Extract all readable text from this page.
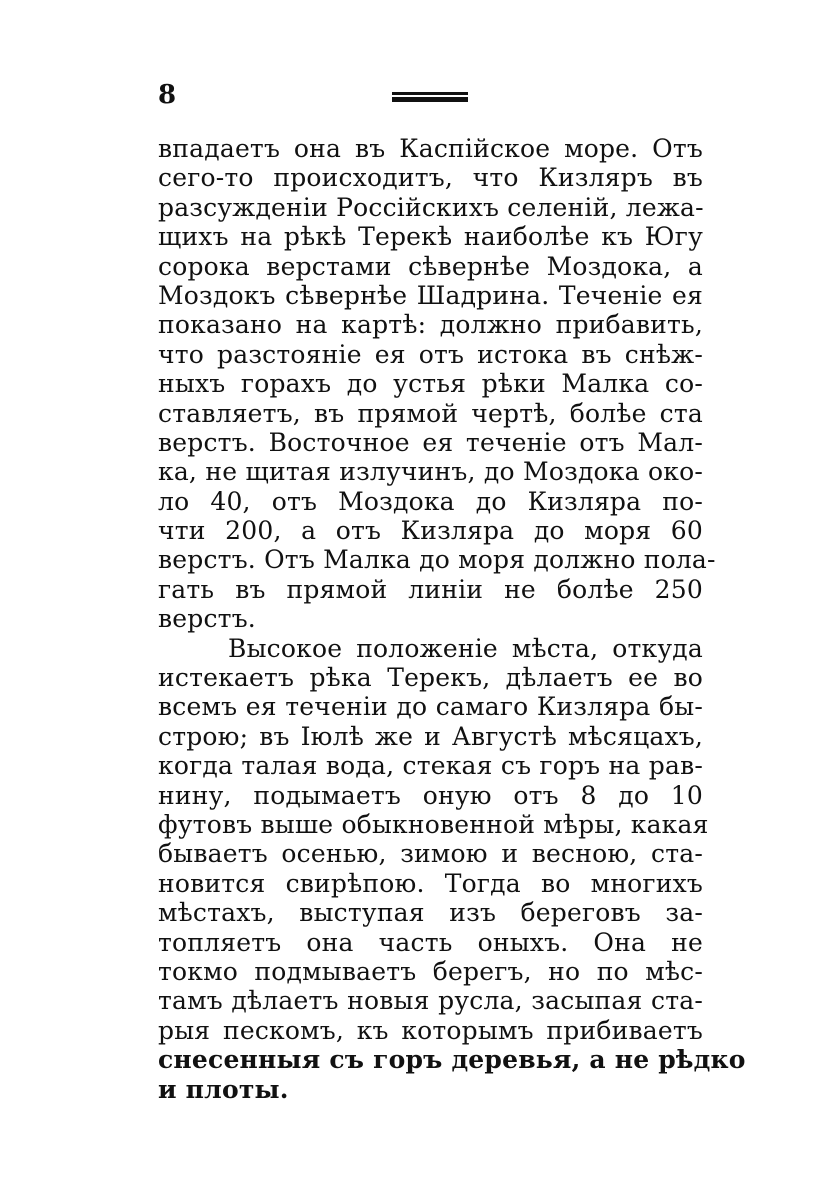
8
впадаетъ она въ Каспійское море. Отъ
сего-то происходитъ, что Кизляръ въ
разсужденіи Россійскихъ селеній, лежа-
щихъ на рѣкѣ Терекѣ наиболѣе къ Югу
сорока верстами сѣвернѣе Моздока, а
Моздокъ сѣвернѣе Шадрина. Теченіе ея
показано на картѣ: должно прибавить,
что разстояніе ея отъ истока въ снѣж-
ныхъ горахъ до устья рѣки Малка со-
ставляетъ, въ прямой чертѣ, болѣе ста
верстъ. Восточное ея теченіе отъ Мал-
ка, не щитая излучинъ, до Моздока око-
ло 40, отъ Моздока до Кизляра по-
чти 200, а отъ Кизляра до моря 60
верстъ. Отъ Малка до моря должно пола-
гать въ прямой линіи не болѣе 250
верстъ.
Высокое положеніе мѣста, откуда
истекаетъ рѣка Терекъ, дѣлаетъ ее во
всемъ ея теченіи до самаго Кизляра бы-
строю; въ Іюлѣ же и Августѣ мѣсяцахъ,
когда талая вода, стекая съ горъ на рав-
нину, подымаетъ оную отъ 8 до 10
футовъ выше обыкновенной мѣры, какая
бываетъ осенью, зимою и весною, ста-
новится свирѣпою. Тогда во многихъ
мѣстахъ, выступая изъ береговъ за-
топляетъ она часть оныхъ. Она не
токмо подмываетъ берегъ, но по мѣс-
тамъ дѣлаетъ новыя русла, засыпая ста-
рыя пескомъ, къ которымъ прибиваетъ
снесенныя съ горъ деревья, а не рѣдко
и плоты.
